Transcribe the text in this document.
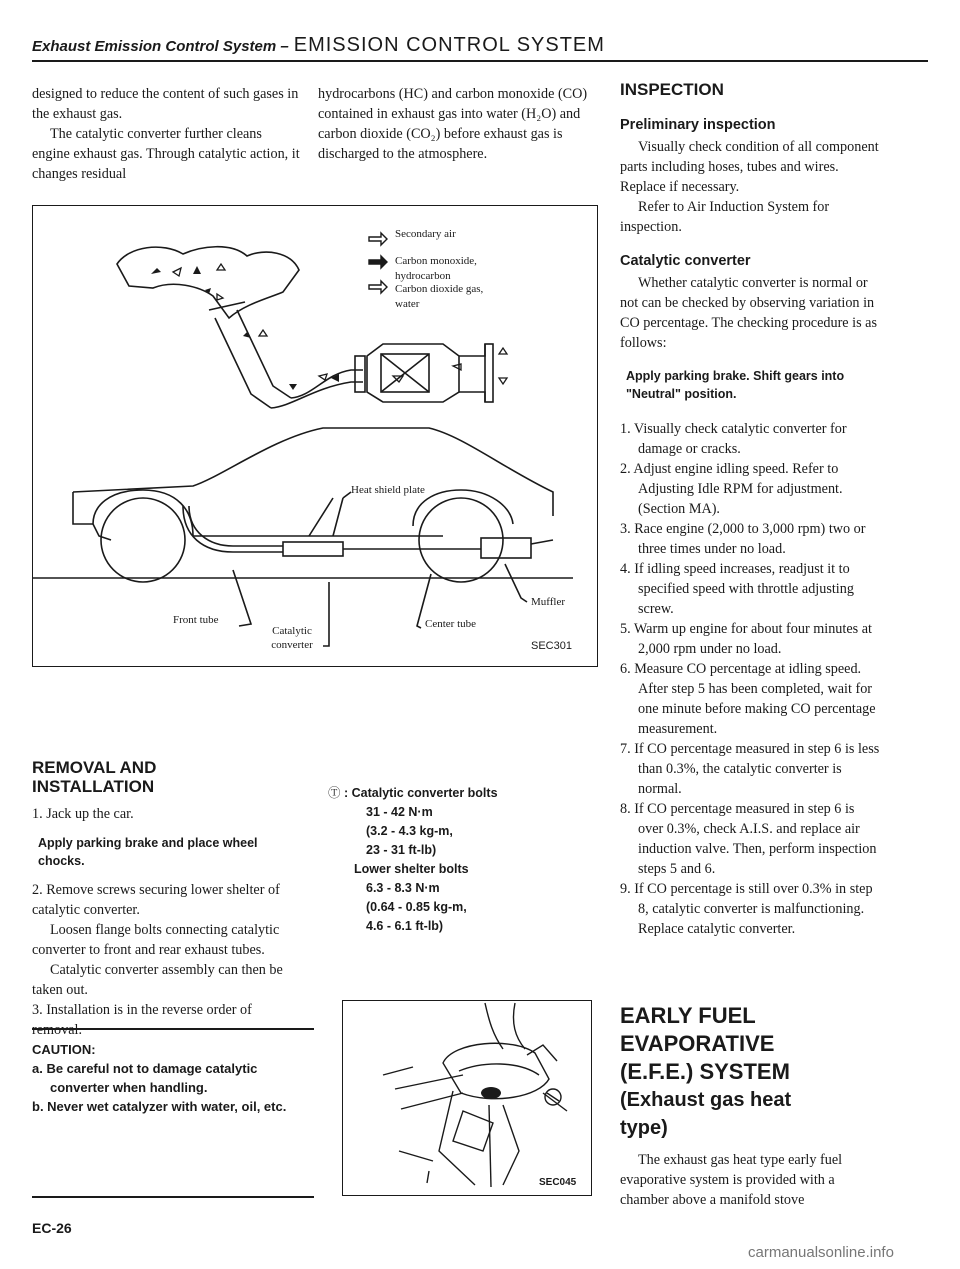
Exhaust Emission Control System – EMISSION CONTROL SYSTEM

designed to reduce the content of such gases in the exhaust gas.

The catalytic converter further cleans engine exhaust gas. Through catalytic action, it changes residual

hydrocarbons (HC) and carbon monoxide (CO) contained in exhaust gas into water (H₂O) and carbon dioxide (CO₂) before exhaust gas is discharged to the atmosphere.

Secondary air
Carbon monoxide, hydrocarbon
Carbon dioxide gas, water
Heat shield plate
Front tube
Catalytic converter
Center tube
Muffler
SEC301
REMOVAL AND INSTALLATION

1. Jack up the car.

Apply parking brake and place wheel chocks.

2. Remove screws securing lower shelter of catalytic converter.

Loosen flange bolts connecting catalytic converter to front and rear exhaust tubes.

Catalytic converter assembly can then be taken out.

3. Installation is in the reverse order of removal.

CAUTION:
a. Be careful not to damage catalytic converter when handling.
b. Never wet catalyzer with water, oil, etc.
Ⓣ : Catalytic converter bolts
31 - 42 N·m
(3.2 - 4.3 kg-m,
23 - 31 ft-lb)
Lower shelter bolts
6.3 - 8.3 N·m
(0.64 - 0.85 kg-m,
4.6 - 6.1 ft-lb)
SEC045
INSPECTION
Preliminary inspection

Visually check condition of all component parts including hoses, tubes and wires. Replace if necessary.

Refer to Air Induction System for inspection.

Catalytic converter

Whether catalytic converter is normal or not can be checked by observing variation in CO percentage. The checking procedure is as follows:

Apply parking brake. Shift gears into "Neutral" position.

1. Visually check catalytic converter for damage or cracks.

2. Adjust engine idling speed. Refer to Adjusting Idle RPM for adjustment. (Section MA).

3. Race engine (2,000 to 3,000 rpm) two or three times under no load.

4. If idling speed increases, readjust it to specified speed with throttle adjusting screw.

5. Warm up engine for about four minutes at 2,000 rpm under no load.

6. Measure CO percentage at idling speed. After step 5 has been completed, wait for one minute before making CO percentage measurement.

7. If CO percentage measured in step 6 is less than 0.3%, the catalytic converter is normal.

8. If CO percentage measured in step 6 is over 0.3%, check A.I.S. and replace air induction valve. Then, perform inspection steps 5 and 6.

9. If CO percentage is still over 0.3% in step 8, catalytic converter is malfunctioning. Replace catalytic converter.

EARLY FUEL
EVAPORATIVE
(E.F.E.) SYSTEM
(Exhaust gas heat
type)

The exhaust gas heat type early fuel evaporative system is provided with a chamber above a manifold stove

EC-26
carmanualsonline.info
